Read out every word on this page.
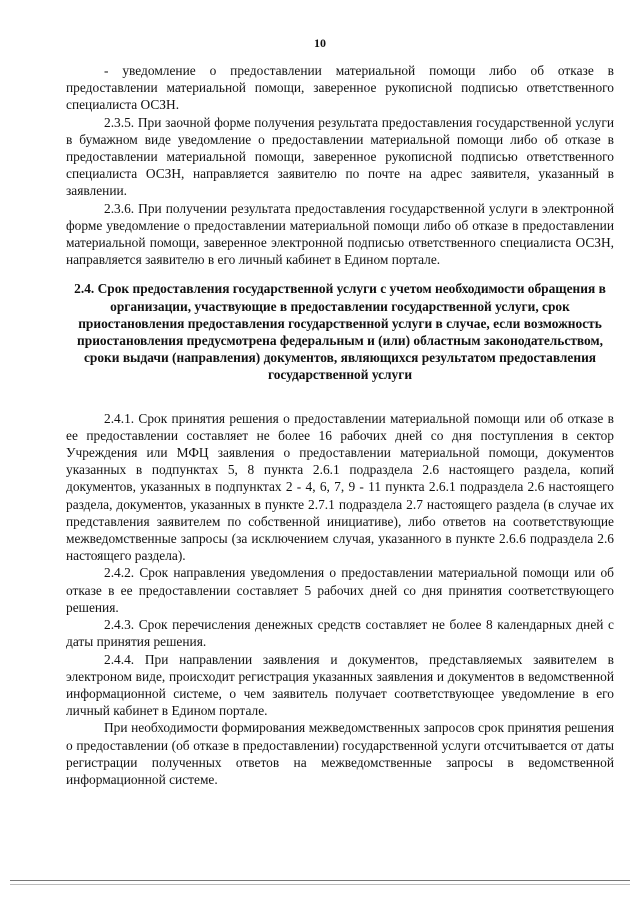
10

- уведомление о предоставлении материальной помощи либо об отказе в предоставлении материальной помощи, заверенное рукописной подписью ответственного специалиста ОСЗН.

2.3.5. При заочной форме получения результата предоставления государственной услуги в бумажном виде уведомление о предоставлении материальной помощи либо об отказе в предоставлении материальной помощи, заверенное рукописной подписью ответственного специалиста ОСЗН, направляется заявителю по почте на адрес заявителя, указанный в заявлении.

2.3.6. При получении результата предоставления государственной услуги в электронной форме уведомление о предоставлении материальной помощи либо об отказе в предоставлении материальной помощи, заверенное электронной подписью ответственного специалиста ОСЗН, направляется заявителю в его личный кабинет в Едином портале.

2.4. Срок предоставления государственной услуги с учетом необходимости обращения в организации, участвующие в предоставлении государственной услуги, срок приостановления предоставления государственной услуги в случае, если возможность приостановления предусмотрена федеральным и (или) областным законодательством, сроки выдачи (направления) документов, являющихся результатом предоставления государственной услуги

2.4.1. Срок принятия решения о предоставлении материальной помощи или об отказе в ее предоставлении составляет не более 16 рабочих дней со дня поступления в сектор Учреждения или МФЦ заявления о предоставлении материальной помощи, документов указанных в подпунктах 5, 8 пункта 2.6.1 подраздела 2.6 настоящего раздела, копий документов, указанных в подпунктах 2 - 4, 6, 7, 9 - 11 пункта 2.6.1 подраздела 2.6 настоящего раздела, документов, указанных в пункте 2.7.1 подраздела 2.7 настоящего раздела (в случае их представления заявителем по собственной инициативе), либо ответов на соответствующие межведомственные запросы (за исключением случая, указанного в пункте 2.6.6 подраздела 2.6 настоящего раздела).

2.4.2. Срок направления уведомления о предоставлении материальной помощи или об отказе в ее предоставлении составляет 5 рабочих дней со дня принятия соответствующего решения.

2.4.3. Срок перечисления денежных средств составляет не более 8 календарных дней с даты принятия решения.

2.4.4. При направлении заявления и документов, представляемых заявителем в электроном виде, происходит регистрация указанных заявления и документов в ведомственной информационной системе, о чем заявитель получает соответствующее уведомление в его личный кабинет в Едином портале.

При необходимости формирования межведомственных запросов срок принятия решения о предоставлении (об отказе в предоставлении) государственной услуги отсчитывается от даты регистрации полученных ответов на межведомственные запросы в ведомственной информационной системе.
